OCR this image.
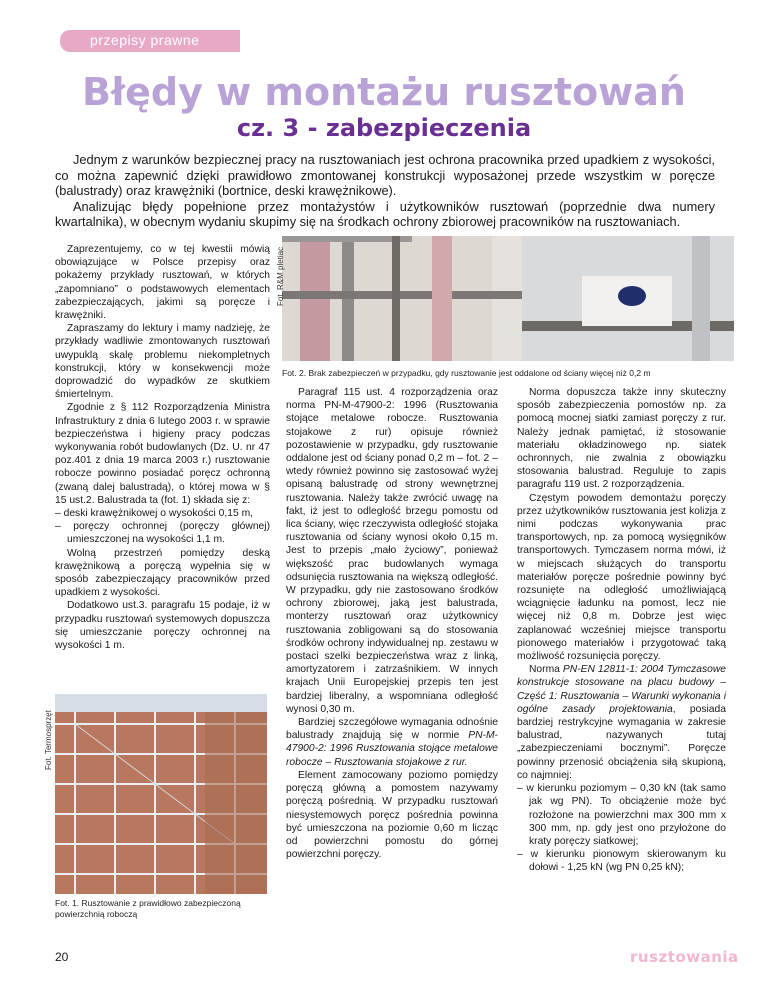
przepisy prawne
Błędy w montażu rusztowań
cz. 3 - zabezpieczenia

Jednym z warunków bezpiecznej pracy na rusztowaniach jest ochrona pracownika przed upadkiem z wysokości, co można zapewnić dzięki prawidłowo zmontowanej konstrukcji wyposażonej przede wszystkim w poręcze (balustrady) oraz krawężniki (bortnice, deski krawężnikowe).

Analizując błędy popełnione przez montażystów i użytkowników rusztowań (poprzednie dwa numery kwartalnika), w obecnym wydaniu skupimy się na środkach ochrony zbiorowej pracowników na rusztowaniach.

Fot. R&M pletiac
Fot. 2. Brak zabezpieczeń w przypadku, gdy rusztowanie jest oddalone od ściany więcej niż 0,2 m

Zaprezentujemy, co w tej kwestii mówią obowiązujące w Polsce przepisy oraz pokażemy przykłady rusztowań, w których „zapomniano” o podstawowych elementach zabezpieczających, jakimi są poręcze i krawężniki.

Zapraszamy do lektury i mamy nadzieję, że przykłady wadliwie zmontowanych rusztowań uwypuklą skalę problemu niekompletnych konstrukcji, który w konsekwencji może doprowadzić do wypadków ze skutkiem śmiertelnym.

Zgodnie z § 112 Rozporządzenia Ministra Infrastruktury z dnia 6 lutego 2003 r. w sprawie bezpieczeństwa i higieny pracy podczas wykonywania robót budowlanych (Dz. U. nr 47 poz.401 z dnia 19 marca 2003 r.) rusztowanie robocze powinno posiadać poręcz ochronną (zwaną dalej balustradą), o której mowa w § 15 ust.2. Balustrada ta (fot. 1) składa się z:

– deski krawężnikowej o wysokości 0,15 m,

– poręczy ochronnej (poręczy głównej) umieszczonej na wysokości 1,1 m.

Wolną przestrzeń pomiędzy deską krawężnikową a poręczą wypełnia się w sposób zabezpieczający pracowników przed upadkiem z wysokości.

Dodatkowo ust.3. paragrafu 15 podaje, iż w przypadku rusztowań systemowych dopuszcza się umieszczanie poręczy ochronnej na wysokości 1 m.

Fot. Termosprzęt
Fot. 1. Rusztowanie z prawidłowo zabezpieczoną powierzchnią roboczą

Paragraf 115 ust. 4 rozporządzenia oraz norma PN-M-47900-2: 1996 (Rusztowania stojące metalowe robocze. Rusztowania stojakowe z rur) opisuje również pozostawienie w przypadku, gdy rusztowanie oddalone jest od ściany ponad 0,2 m – fot. 2 – wtedy również powinno się zastosować wyżej opisaną balustradę od strony wewnętrznej rusztowania. Należy także zwrócić uwagę na fakt, iż jest to odległość brzegu pomostu od lica ściany, więc rzeczywista odległość stojaka rusztowania od ściany wynosi około 0,15 m. Jest to przepis „mało życiowy”, ponieważ większość prac budowlanych wymaga odsunięcia rusztowania na większą odległość. W przypadku, gdy nie zastosowano środków ochrony zbiorowej, jaką jest balustrada, monterzy rusztowań oraz użytkownicy rusztowania zobligowani są do stosowania środków ochrony indywidualnej np. zestawu w postaci szelki bezpieczeństwa wraz z linką, amortyzatorem i zatrzaśnikiem. W innych krajach Unii Europejskiej przepis ten jest bardziej liberalny, a wspomniana odległość wynosi 0,30 m.

Bardziej szczegółowe wymagania odnośnie balustrady znajdują się w normie PN-M-47900-2: 1996 Rusztowania stojące metalowe robocze – Rusztowania stojakowe z rur.

Element zamocowany poziomo pomiędzy poręczą główną a pomostem nazywamy poręczą pośrednią. W przypadku rusztowań niesystemowych poręcz pośrednia powinna być umieszczona na poziomie 0,60 m licząc od powierzchni pomostu do górnej powierzchni poręczy.

Norma dopuszcza także inny skuteczny sposób zabezpieczenia pomostów np. za pomocą mocnej siatki zamiast poręczy z rur. Należy jednak pamiętać, iż stosowanie materiału okładzinowego np. siatek ochronnych, nie zwalnia z obowiązku stosowania balustrad. Reguluje to zapis paragrafu 119 ust. 2 rozporządzenia.

Częstym powodem demontażu poręczy przez użytkowników rusztowania jest kolizja z nimi podczas wykonywania prac transportowych, np. za pomocą wysięgników transportowych. Tymczasem norma mówi, iż w miejscach służących do transportu materiałów poręcze pośrednie powinny być rozsunięte na odległość umożliwiającą wciągnięcie ładunku na pomost, lecz nie więcej niż 0,8 m. Dobrze jest więc zaplanować wcześniej miejsce transportu pionowego materiałów i przygotować taką możliwość rozsunięcia poręczy.

Norma PN-EN 12811-1: 2004 Tymczasowe konstrukcje stosowane na placu budowy – Część 1: Rusztowania – Warunki wykonania i ogólne zasady projektowania, posiada bardziej restrykcyjne wymagania w zakresie balustrad, nazywanych tutaj „zabezpieczeniami bocznymi”. Poręcze powinny przenosić obciążenia siłą skupioną, co najmniej:

– w kierunku poziomym – 0,30 kN (tak samo jak wg PN). To obciążenie może być rozłożone na powierzchni max 300 mm x 300 mm, np. gdy jest ono przyłożone do kraty poręczy siatkowej;

– w kierunku pionowym skierowanym ku dołowi - 1,25 kN (wg PN 0,25 kN);

20	rusztowania
